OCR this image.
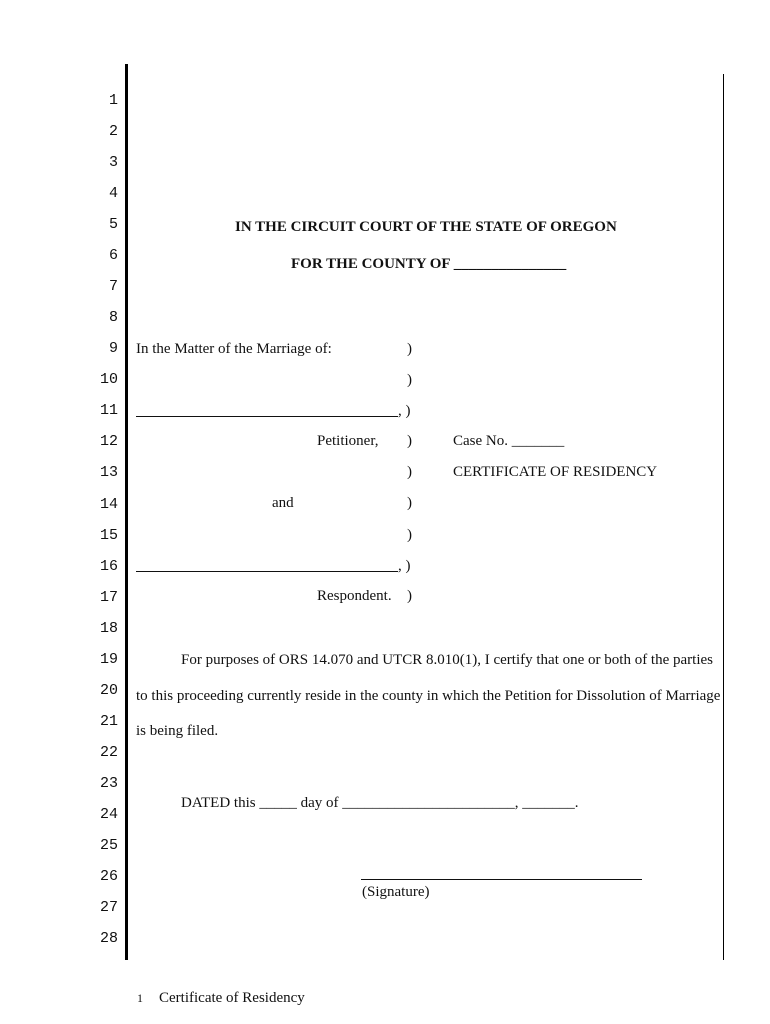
1
2
3
4
5
6
7
8
9
10
11
12
13
14
15
16
17
18
19
20
21
22
23
24
25
26
27
28
IN THE CIRCUIT COURT OF THE STATE OF OREGON
FOR THE COUNTY OF _______________
In the Matter of the Marriage of:	)
)
, )
Petitioner, )	Case No. _______
)	CERTIFICATE OF RESIDENCY
and	)
)
, )
Respondent. )
For purposes of ORS 14.070 and UTCR 8.010(1), I certify that one or both of the parties
to this proceeding currently reside in the county in which the Petition for Dissolution of Marriage
is being filed.
DATED this _____ day of _______________________, _______.
(Signature)
1 Certificate of Residency
